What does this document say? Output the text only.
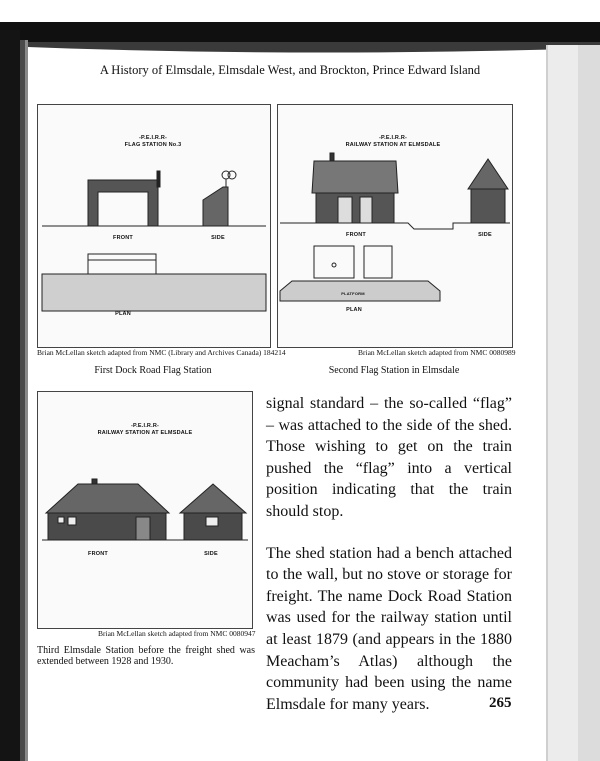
A History of Elmsdale, Elmsdale West, and Brockton, Prince Edward Island
-P.E.I.R.R-
FLAG STATION No.3
FRONT	SIDE
PLAN
Brian McLellan sketch adapted from NMC (Library and Archives Canada) 184214
First Dock Road Flag Station
-P.E.I.R.R-
RAILWAY STATION AT ELMSDALE
FRONT	SIDE
PLATFORM
PLAN
Brian McLellan sketch adapted from NMC 0080989
Second Flag Station in Elmsdale
-P.E.I.R.R-
RAILWAY STATION AT ELMSDALE
FRONT	SIDE
Brian McLellan sketch adapted from NMC 0080947
Third Elmsdale Station before the freight shed was extended between 1928 and 1930.

signal standard – the so-called “flag” – was attached to the side of the shed. Those wishing to get on the train pushed the “flag” into a vertical position indicating that the train should stop.

The shed station had a bench attached to the wall, but no stove or storage for freight. The name Dock Road Station was used for the railway station until at least 1879 (and appears in the 1880 Meacham’s Atlas) although the community had been using the name Elmsdale for many years.	265
